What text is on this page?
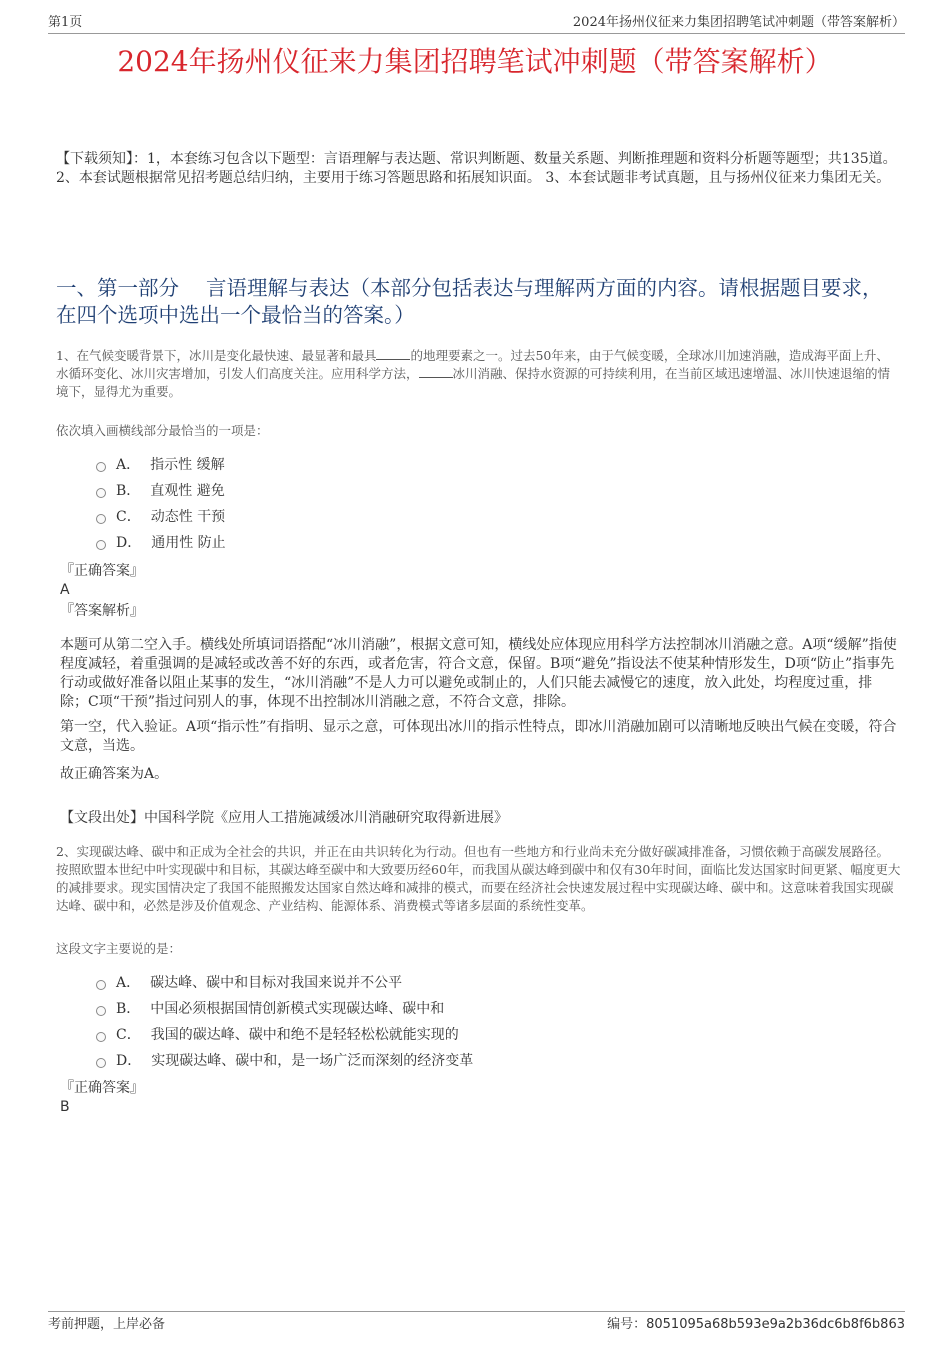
第1页	2024年扬州仪征来力集团招聘笔试冲刺题（带答案解析）
2024年扬州仪征来力集团招聘笔试冲刺题（带答案解析）

【下载须知】：1，本套练习包含以下题型：言语理解与表达题、常识判断题、数量关系题、判断推理题和资料分析题等题型；共135道。 2、本套试题根据常见招考题总结归纳，主要用于练习答题思路和拓展知识面。 3、本套试题非考试真题，且与扬州仪征来力集团无关。

一、第一部分　 言语理解与表达（本部分包括表达与理解两方面的内容。请根据题目要求，在四个选项中选出一个最恰当的答案。）

1、在气候变暖背景下，冰川是变化最快速、最显著和最具	的地理要素之一。过去50年来，由于气候变暖，全球冰川加速消融，造成海平面上升、水循环变化、冰川灾害增加，引发人们高度关注。应用科学方法，	冰川消融、保持水资源的可持续利用，在当前区域迅速增温、冰川快速退缩的情境下，显得尤为重要。

依次填入画横线部分最恰当的一项是：

A． 指示性 缓解
B． 直观性 避免
C． 动态性 干预
D． 通用性 防止
『正确答案』
A
『答案解析』

本题可从第二空入手。横线处所填词语搭配“冰川消融”，根据文意可知，横线处应体现应用科学方法控制冰川消融之意。A项“缓解”指使程度减轻，着重强调的是减轻或改善不好的东西，或者危害，符合文意，保留。B项“避免”指设法不使某种情形发生，D项“防止”指事先行动或做好准备以阻止某事的发生，“冰川消融”不是人力可以避免或制止的，人们只能去减慢它的速度，放入此处，均程度过重，排除；C项“干预”指过问别人的事，体现不出控制冰川消融之意，不符合文意，排除。

第一空，代入验证。A项“指示性”有指明、显示之意，可体现出冰川的指示性特点，即冰川消融加剧可以清晰地反映出气候在变暖，符合文意，当选。

故正确答案为A。

【文段出处】中国科学院《应用人工措施减缓冰川消融研究取得新进展》

2、实现碳达峰、碳中和正成为全社会的共识，并正在由共识转化为行动。但也有一些地方和行业尚未充分做好碳减排准备，习惯依赖于高碳发展路径。按照欧盟本世纪中叶实现碳中和目标，其碳达峰至碳中和大致要历经60年，而我国从碳达峰到碳中和仅有30年时间，面临比发达国家时间更紧、幅度更大的减排要求。现实国情决定了我国不能照搬发达国家自然达峰和减排的模式，而要在经济社会快速发展过程中实现碳达峰、碳中和。这意味着我国实现碳达峰、碳中和，必然是涉及价值观念、产业结构、能源体系、消费模式等诸多层面的系统性变革。

这段文字主要说的是：

A． 碳达峰、碳中和目标对我国来说并不公平
B． 中国必须根据国情创新模式实现碳达峰、碳中和
C． 我国的碳达峰、碳中和绝不是轻轻松松就能实现的
D． 实现碳达峰、碳中和，是一场广泛而深刻的经济变革
『正确答案』
B
考前押题，上岸必备	编号：8051095a68b593e9a2b36dc6b8f6b863
